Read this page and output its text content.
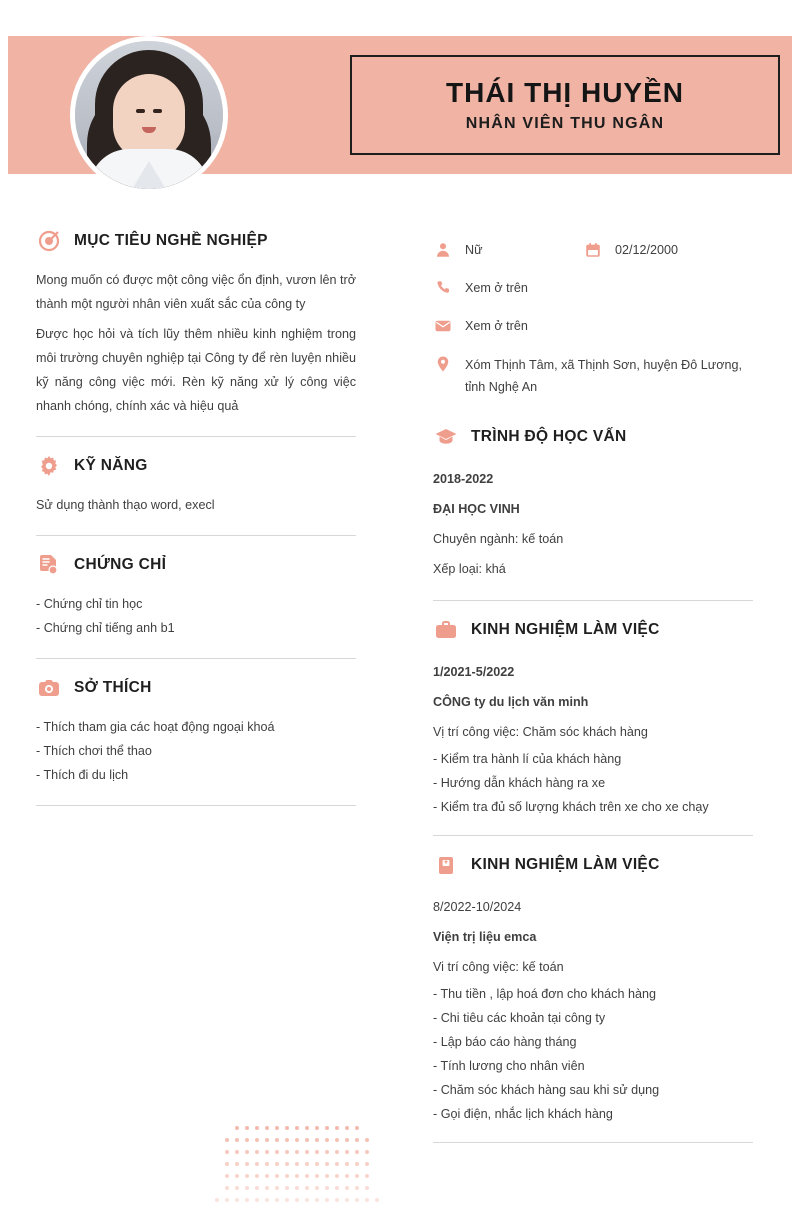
THÁI THỊ HUYỀN
NHÂN VIÊN THU NGÂN
MỤC TIÊU NGHỀ NGHIỆP
Mong muốn có được một công việc ổn định, vươn lên trở thành một người nhân viên xuất sắc của công ty
Được học hỏi và tích lũy thêm nhiều kinh nghiệm trong môi trường chuyên nghiệp tại Công ty để rèn luyện nhiều kỹ năng công việc mới. Rèn kỹ năng xử lý công việc nhanh chóng, chính xác và hiệu quả
KỸ NĂNG
Sử dụng thành thạo word, execl
CHỨNG CHỈ
- Chứng chỉ tin học
- Chứng chỉ tiếng anh b1
SỞ THÍCH
- Thích tham gia các hoạt động ngoại khoá
- Thích chơi thể thao
- Thích đi du lịch
Nữ	02/12/2000
Xem ở trên
Xem ở trên
Xóm Thịnh Tâm, xã Thịnh Sơn, huyện Đô Lương, tỉnh Nghệ An
TRÌNH ĐỘ HỌC VẤN
2018-2022
ĐẠI HỌC VINH
Chuyên ngành: kế toán
Xếp loại: khá
KINH NGHIỆM LÀM VIỆC
1/2021-5/2022
CÔNG ty du lịch văn minh
Vị trí công việc: Chăm sóc khách hàng
- Kiểm tra hành lí của khách hàng
- Hướng dẫn khách hàng ra xe
- Kiểm tra đủ số lượng khách trên xe cho xe chạy
KINH NGHIỆM LÀM VIỆC
8/2022-10/2024
Viện trị liệu emca
Vi trí công việc: kế toán
- Thu tiền , lập hoá đơn cho khách hàng
- Chi tiêu các khoản tại công ty
- Lập báo cáo hàng tháng
- Tính lương cho nhân viên
- Chăm sóc khách hàng sau khi sử dụng
- Gọi điện, nhắc lịch khách hàng
